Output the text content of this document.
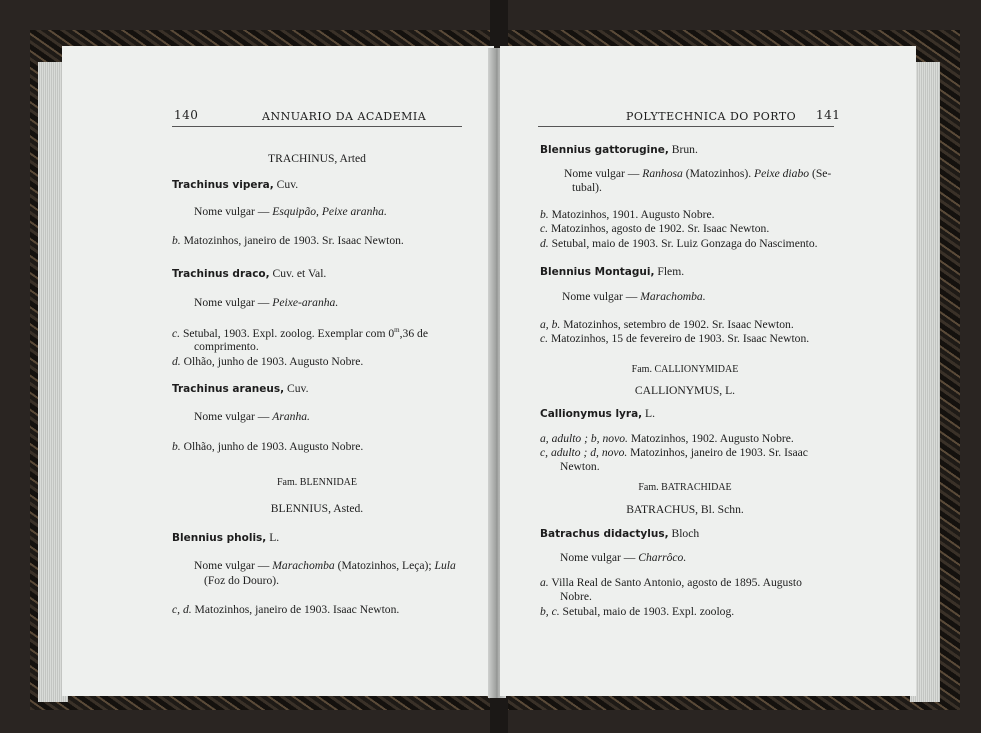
140	ANNUARIO DA ACADEMIA
TRACHINUS, Arted
Trachinus vipera, Cuv.
Nome vulgar — Esquipão, Peixe aranha.
b. Matozinhos, janeiro de 1903. Sr. Isaac Newton.
Trachinus draco, Cuv. et Val.
Nome vulgar — Peixe-aranha.
c. Setubal, 1903. Expl. zoolog. Exemplar com 0$^m$,36 de
comprimento.
d. Olhão, junho de 1903. Augusto Nobre.
Trachinus araneus, Cuv.
Nome vulgar — Aranha.
b. Olhão, junho de 1903. Augusto Nobre.
Fam. BLENNIDAE
BLENNIUS, Asted.
Blennius pholis, L.
Nome vulgar — Marachomba (Matozinhos, Leça); Lula
(Foz do Douro).
c, d. Matozinhos, janeiro de 1903. Isaac Newton.
POLYTECHNICA DO PORTO 141
Blennius gattorugine, Brun.
Nome vulgar — Ranhosa (Matozinhos). Peixe diabo (Se-
tubal).
b. Matozinhos, 1901. Augusto Nobre.
c. Matozinhos, agosto de 1902. Sr. Isaac Newton.
d. Setubal, maio de 1903. Sr. Luiz Gonzaga do Nascimento.
Blennius Montagui, Flem.
Nome vulgar — Marachomba.
a, b. Matozinhos, setembro de 1902. Sr. Isaac Newton.
c. Matozinhos, 15 de fevereiro de 1903. Sr. Isaac Newton.
Fam. CALLIONYMIDAE
CALLIONYMUS, L.
Callionymus lyra, L.
a, adulto ; b, novo. Matozinhos, 1902. Augusto Nobre.
c, adulto ; d, novo. Matozinhos, janeiro de 1903. Sr. Isaac
Newton.
Fam. BATRACHIDAE
BATRACHUS, Bl. Schn.
Batrachus didactylus, Bloch
Nome vulgar — Charrôco.
a. Villa Real de Santo Antonio, agosto de 1895. Augusto
Nobre.
b, c. Setubal, maio de 1903. Expl. zoolog.
